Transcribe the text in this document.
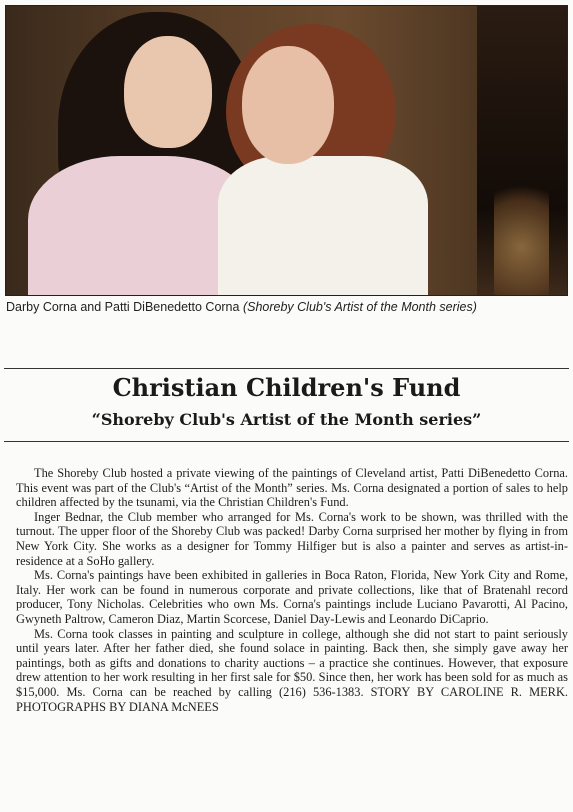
Darby Corna and Patti DiBenedetto Corna (Shoreby Club's Artist of the Month series)
Christian Children's Fund
“Shoreby Club's Artist of the Month series”

The Shoreby Club hosted a private viewing of the paintings of Cleveland artist, Patti DiBenedetto Corna. This event was part of the Club's “Artist of the Month” series. Ms. Corna designated a portion of sales to help children affected by the tsunami, via the Christian Children's Fund.

Inger Bednar, the Club member who arranged for Ms. Corna's work to be shown, was thrilled with the turnout. The upper floor of the Shoreby Club was packed! Darby Corna surprised her mother by flying in from New York City. She works as a designer for Tommy Hilfiger but is also a painter and serves as artist-in-residence at a SoHo gallery.

Ms. Corna's paintings have been exhibited in galleries in Boca Raton, Florida, New York City and Rome, Italy. Her work can be found in numerous corporate and private collections, like that of Bratenahl record producer, Tony Nicholas. Celebrities who own Ms. Corna's paintings include Luciano Pavarotti, Al Pacino, Gwyneth Paltrow, Cameron Diaz, Martin Scorcese, Daniel Day-Lewis and Leonardo DiCaprio.

Ms. Corna took classes in painting and sculpture in college, although she did not start to paint seriously until years later. After her father died, she found solace in painting. Back then, she simply gave away her paintings, both as gifts and donations to charity auctions – a practice she continues. However, that exposure drew attention to her work resulting in her first sale for $50. Since then, her work has been sold for as much as $15,000. Ms. Corna can be reached by calling (216) 536-1383. STORY BY CAROLINE R. MERK. PHOTOGRAPHS BY DIANA McNEES
